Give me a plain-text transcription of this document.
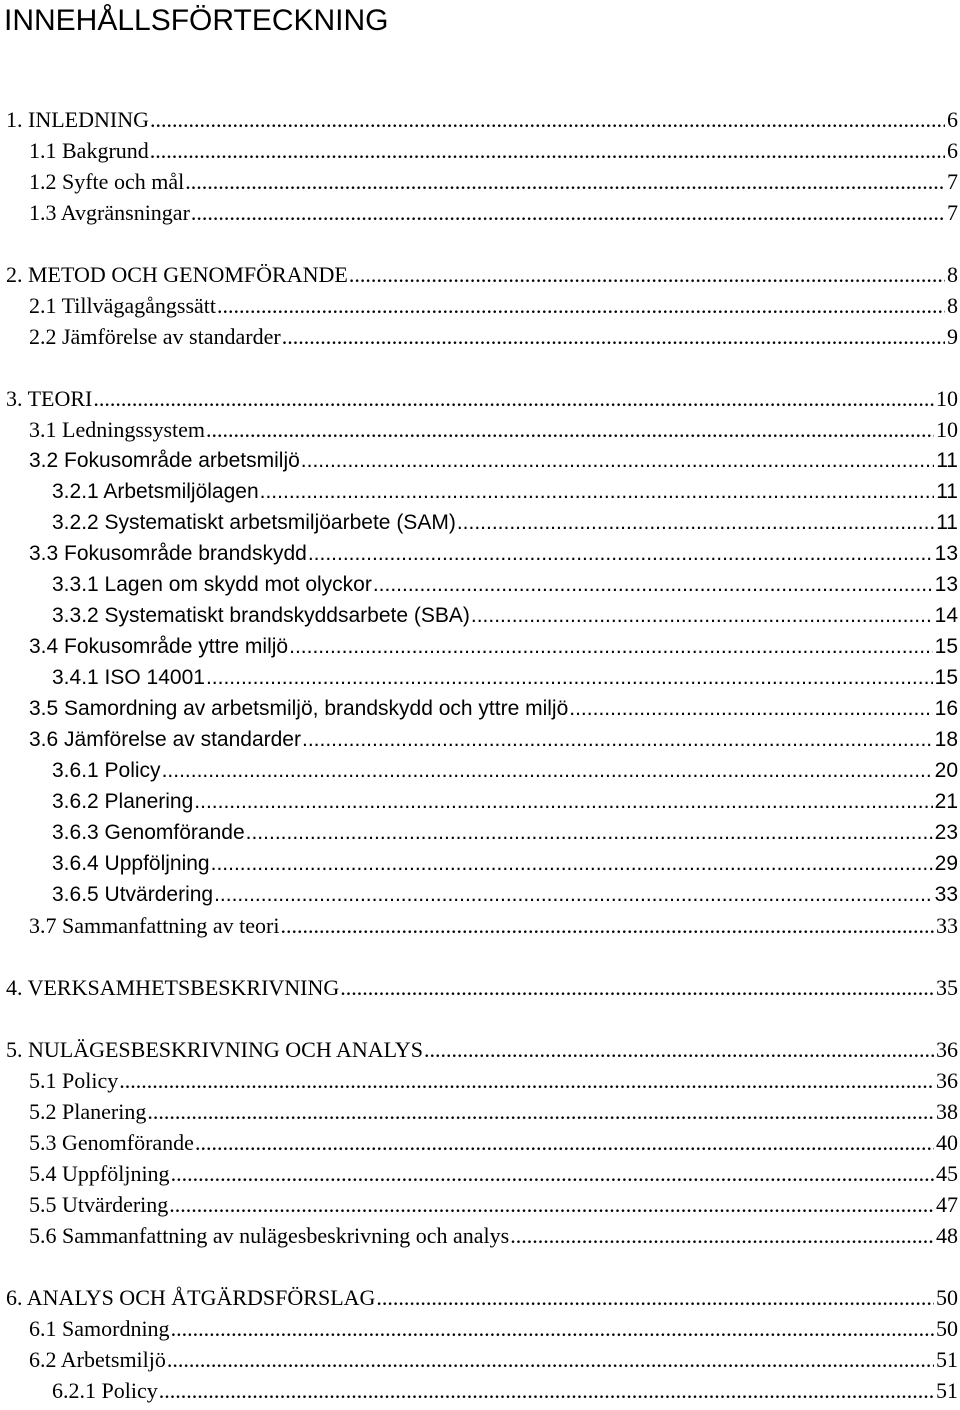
INNEHÅLLSFÖRTECKNING
1. INLEDNING .....	6
1.1 Bakgrund .....	6
1.2 Syfte och mål .....	7
1.3 Avgränsningar .....	7
2. METOD OCH GENOMFÖRANDE .....	8
2.1 Tillvägagångssätt .....	8
2.2 Jämförelse av standarder .....	9
3. TEORI .....	10
3.1 Ledningssystem .....	10
3.2 Fokusområde arbetsmiljö .....	11
3.2.1 Arbetsmiljölagen .....	11
3.2.2 Systematiskt arbetsmiljöarbete (SAM) .....	11
3.3 Fokusområde brandskydd .....	13
3.3.1 Lagen om skydd mot olyckor .....	13
3.3.2 Systematiskt brandskyddsarbete (SBA) .....	14
3.4 Fokusområde yttre miljö .....	15
3.4.1 ISO 14001 .....	15
3.5 Samordning av arbetsmiljö, brandskydd och yttre miljö .....	16
3.6 Jämförelse av standarder .....	18
3.6.1 Policy .....	20
3.6.2 Planering .....	21
3.6.3 Genomförande .....	23
3.6.4 Uppföljning .....	29
3.6.5 Utvärdering .....	33
3.7 Sammanfattning av teori .....	33
4. VERKSAMHETSBESKRIVNING .....	35
5. NULÄGESBESKRIVNING OCH ANALYS .....	36
5.1 Policy .....	36
5.2 Planering .....	38
5.3 Genomförande .....	40
5.4 Uppföljning .....	45
5.5 Utvärdering .....	47
5.6 Sammanfattning av nulägesbeskrivning och analys .....	48
6. ANALYS OCH ÅTGÄRDSFÖRSLAG .....	50
6.1 Samordning .....	50
6.2 Arbetsmiljö .....	51
6.2.1 Policy .....	51
